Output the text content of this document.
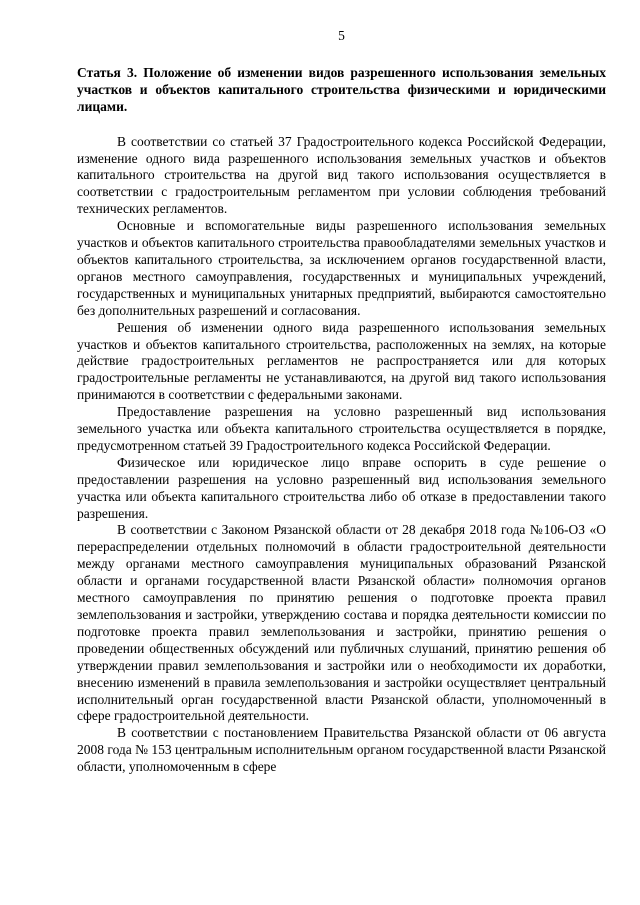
5
Статья 3. Положение об изменении видов разрешенного использования земельных участков и объектов капитального строительства физическими и юридическими лицами.

В соответствии со статьей 37 Градостроительного кодекса Российской Федерации, изменение одного вида разрешенного использования земельных участков и объектов капитального строительства на другой вид такого использования осуществляется в соответствии с градостроительным регламентом при условии соблюдения требований технических регламентов.

Основные и вспомогательные виды разрешенного использования земельных участков и объектов капитального строительства правообладателями земельных участков и объектов капитального строительства, за исключением органов государственной власти, органов местного самоуправления, государственных и муниципальных учреждений, государственных и муниципальных унитарных предприятий, выбираются самостоятельно без дополнительных разрешений и согласования.

Решения об изменении одного вида разрешенного использования земельных участков и объектов капитального строительства, расположенных на землях, на которые действие градостроительных регламентов не распространяется или для которых градостроительные регламенты не устанавливаются, на другой вид такого использования принимаются в соответствии с федеральными законами.

Предоставление разрешения на условно разрешенный вид использования земельного участка или объекта капитального строительства осуществляется в порядке, предусмотренном статьей 39 Градостроительного кодекса Российской Федерации.

Физическое или юридическое лицо вправе оспорить в суде решение о предоставлении разрешения на условно разрешенный вид использования земельного участка или объекта капитального строительства либо об отказе в предоставлении такого разрешения.

В соответствии с Законом Рязанской области от 28 декабря 2018 года №106-ОЗ «О перераспределении отдельных полномочий в области градостроительной деятельности между органами местного самоуправления муниципальных образований Рязанской области и органами государственной власти Рязанской области» полномочия органов местного самоуправления по принятию решения о подготовке проекта правил землепользования и застройки, утверждению состава и порядка деятельности комиссии по подготовке проекта правил землепользования и застройки, принятию решения о проведении общественных обсуждений или публичных слушаний, принятию решения об утверждении правил землепользования и застройки или о необходимости их доработки, внесению изменений в правила землепользования и застройки осуществляет центральный исполнительный орган государственной власти Рязанской области, уполномоченный в сфере градостроительной деятельности.

В соответствии с постановлением Правительства Рязанской области от 06 августа 2008 года № 153 центральным исполнительным органом государственной власти Рязанской области, уполномоченным в сфере
